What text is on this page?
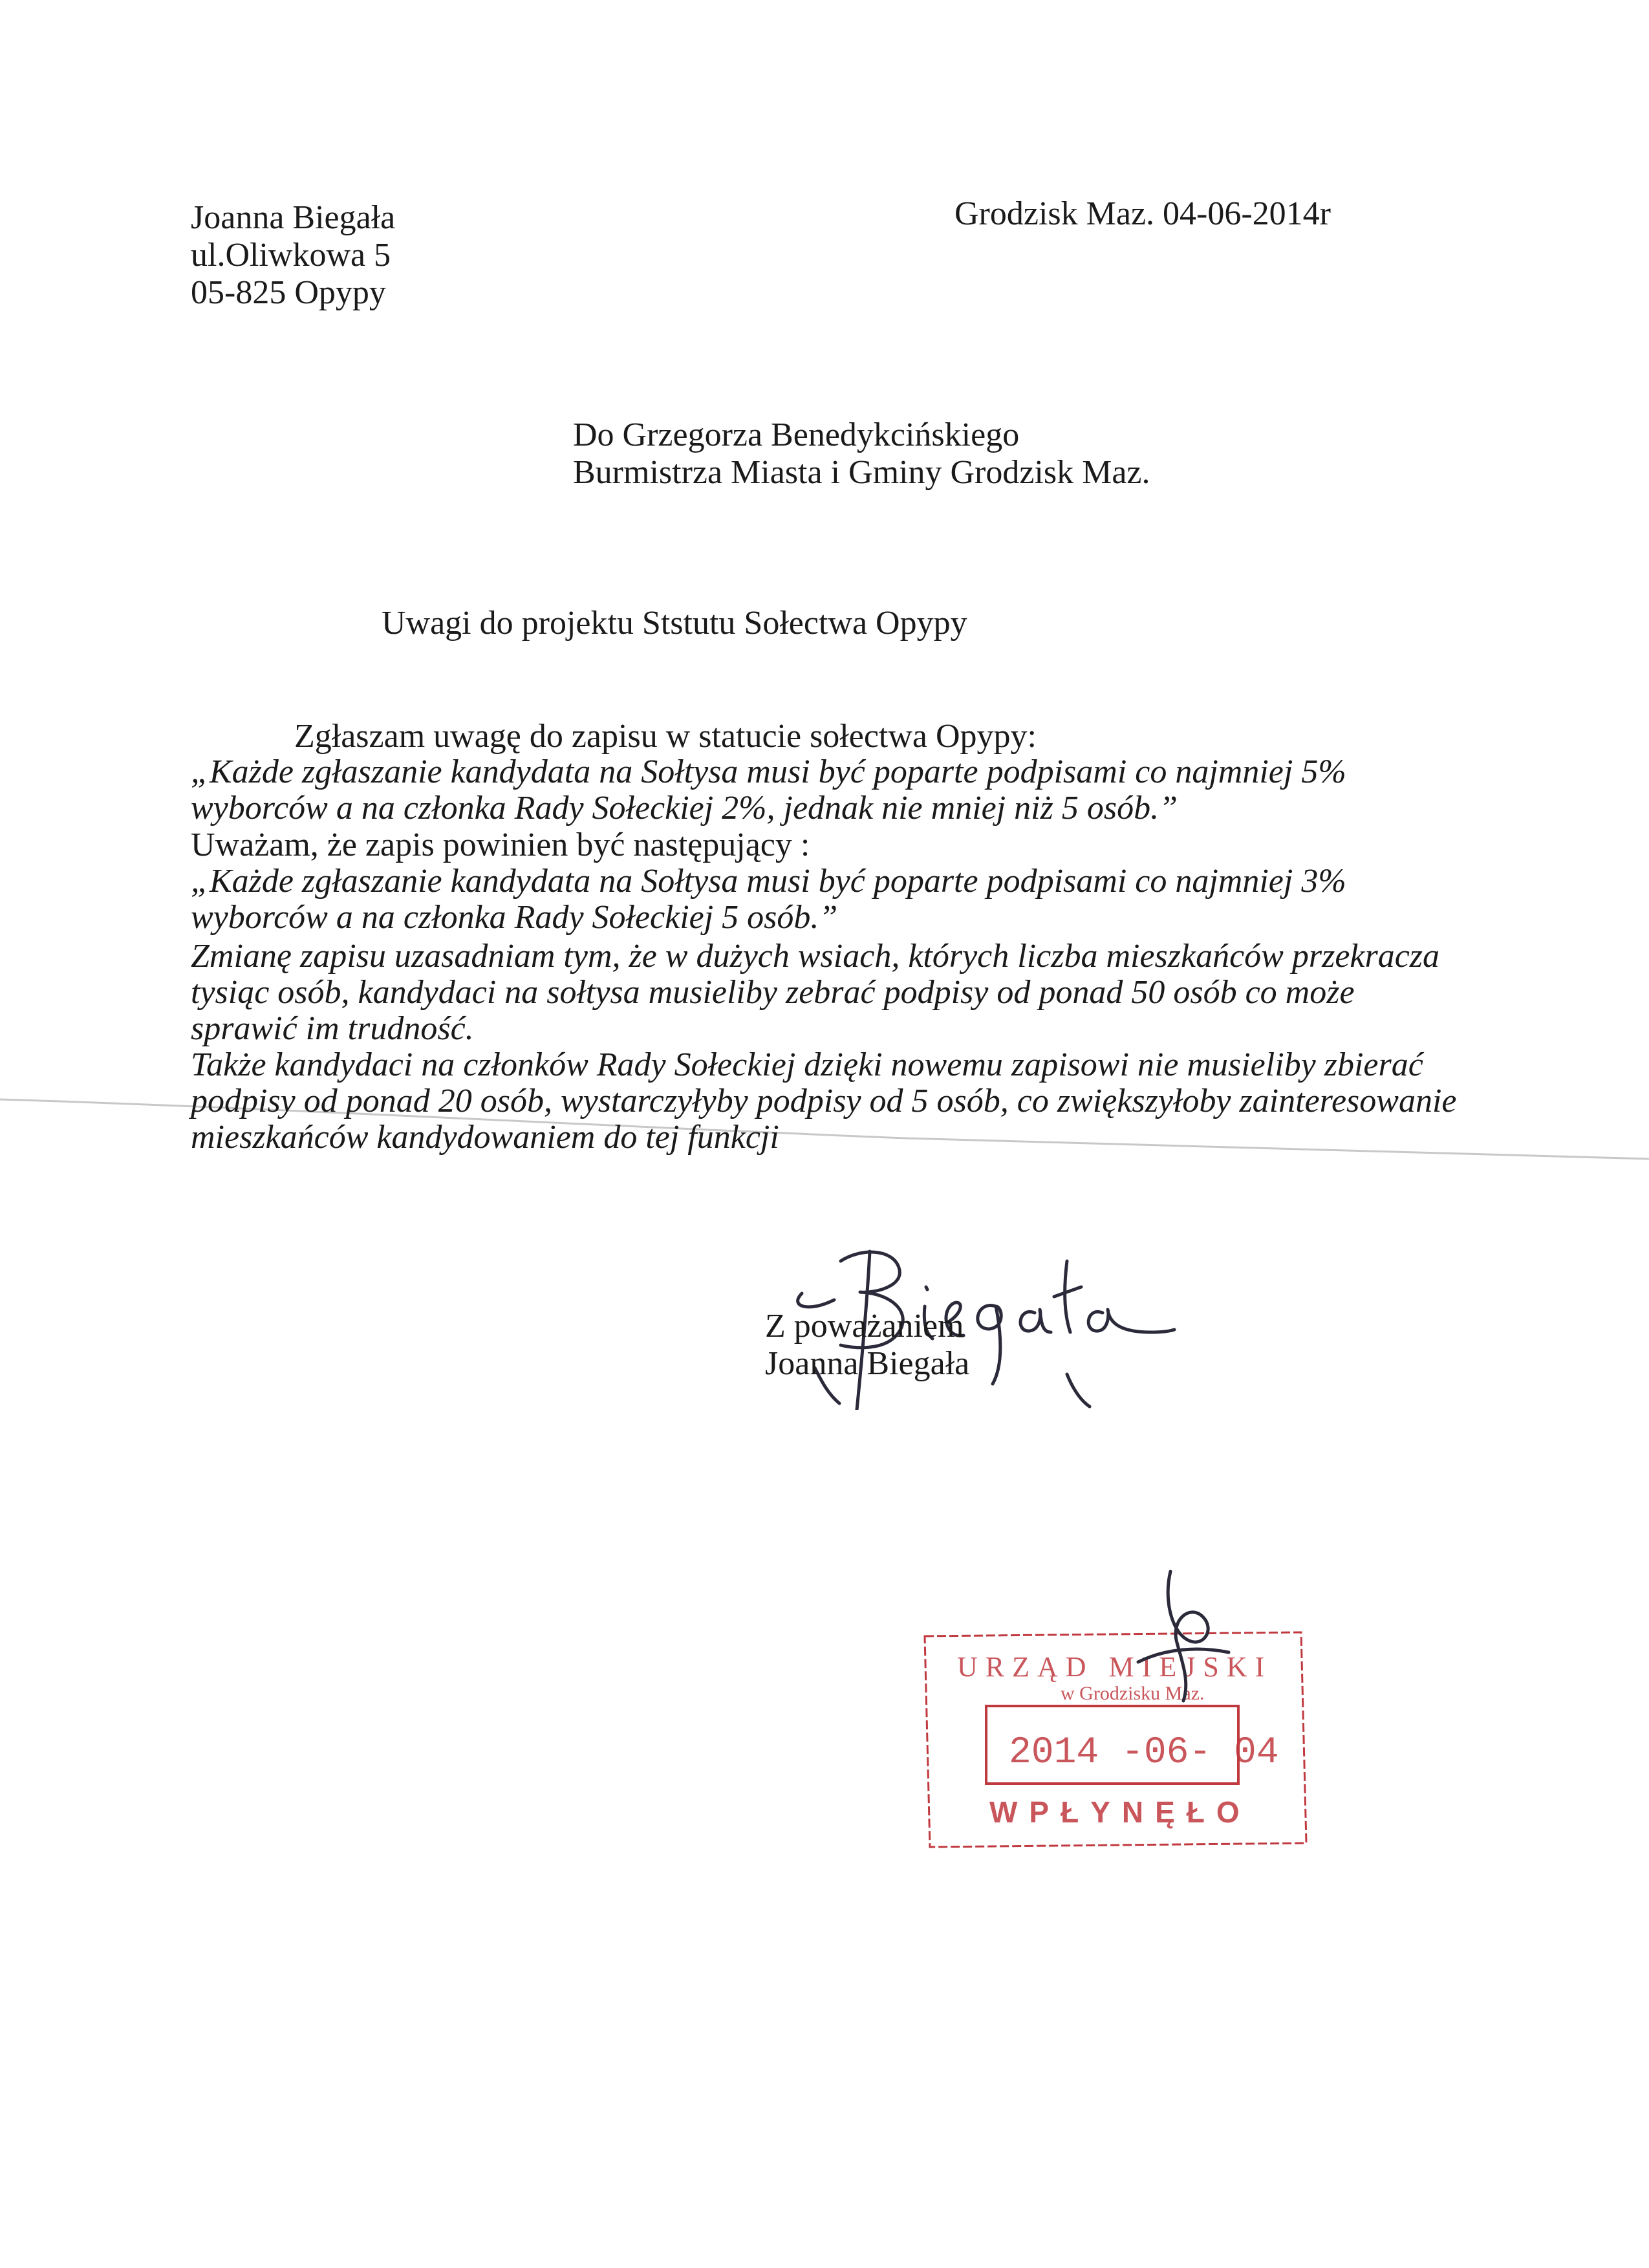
Joanna Biegała
ul.Oliwkowa 5
05-825 Opypy

Grodzisk Maz. 04-06-2014r

Do Grzegorza Benedykcińskiego
Burmistrza Miasta i Gminy Grodzisk Maz.

Uwagi do projektu Ststutu Sołectwa Opypy

Zgłaszam uwagę do zapisu w statucie sołectwa Opypy:

„Każde zgłaszanie kandydata na Sołtysa musi być poparte podpisami co najmniej 5%
wyborców a na członka Rady Sołeckiej 2%, jednak nie mniej niż 5 osób.”

Uważam, że zapis powinien być następujący :

„Każde zgłaszanie kandydata na Sołtysa musi być poparte podpisami co najmniej 3%
wyborców a na członka Rady Sołeckiej 5 osób.”
Zmianę zapisu uzasadniam tym, że w dużych wsiach, których liczba mieszkańców przekracza
tysiąc osób, kandydaci na sołtysa musieliby zebrać podpisy od ponad 50 osób co może
sprawić im trudność.
Także kandydaci na członków Rady Sołeckiej dzięki nowemu zapisowi nie musieliby zbierać
podpisy od ponad 20 osób, wystarczyłyby podpisy od 5 osób, co zwiększyłoby zainteresowanie
mieszkańców kandydowaniem do tej funkcji
Z poważaniem
Joanna Biegała
URZĄD MIEJSKI
w Grodzisku Maz.
2014 -06- 04
WPŁYNĘŁO
